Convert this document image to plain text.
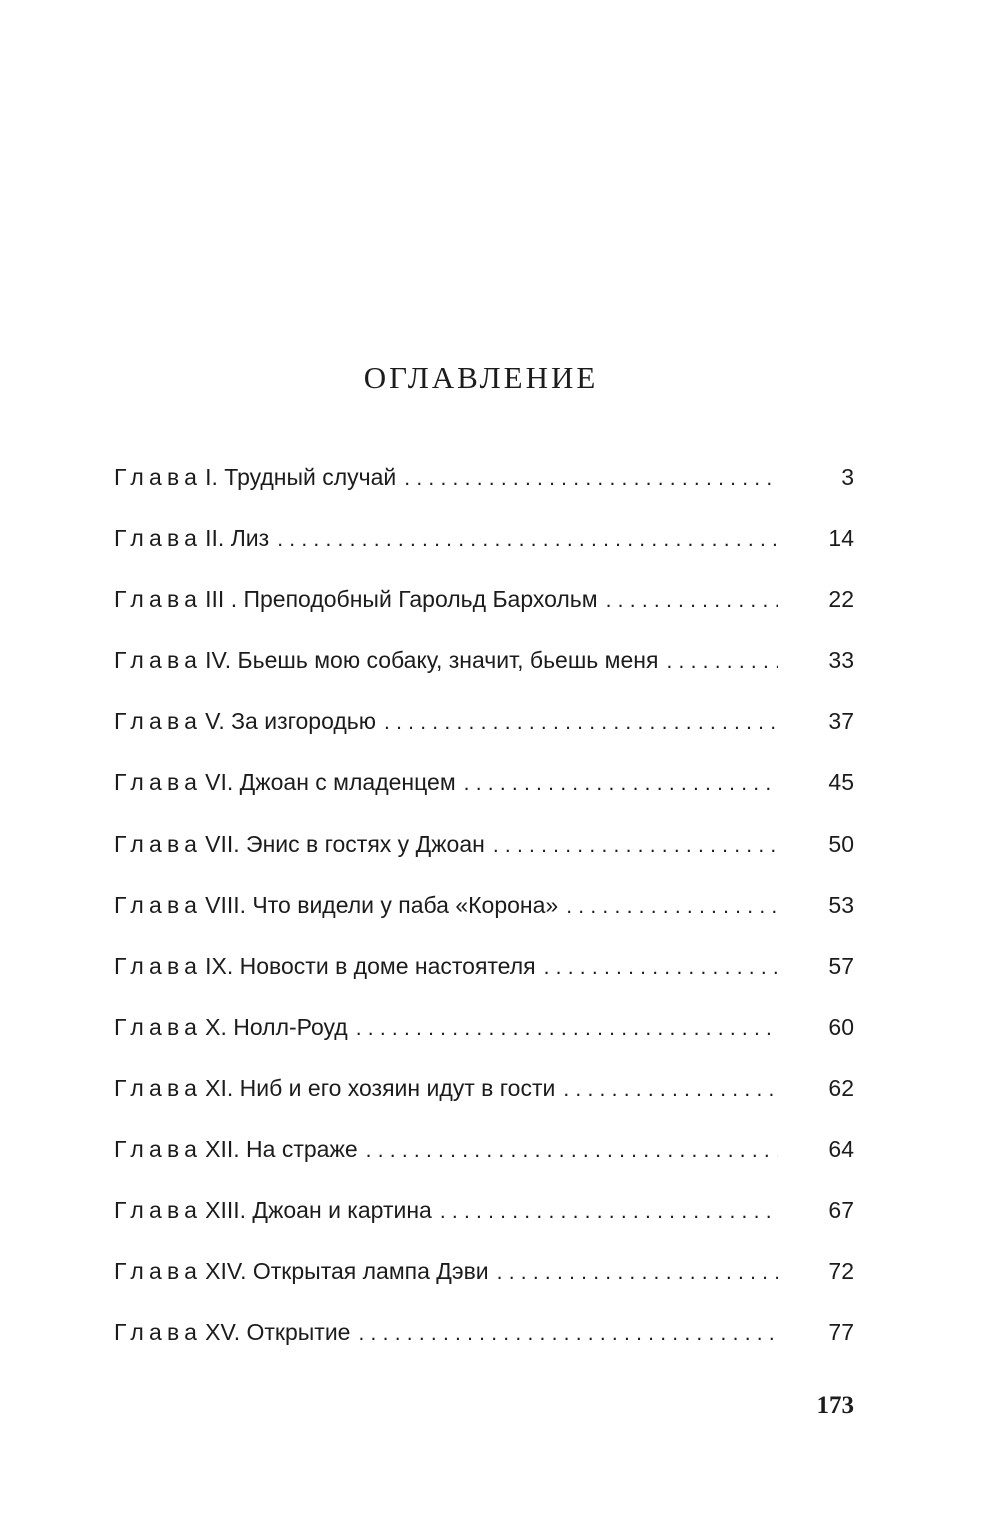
ОГЛАВЛЕНИЕ
Глава I. Трудный случай . . .	3
Глава II. Лиз . . .	14
Глава III . Преподобный Гарольд Бархольм . . .	22
Глава IV. Бьешь мою собаку, значит, бьешь меня . . .	33
Глава V. За изгородью . . .	37
Глава VI. Джоан с младенцем . . .	45
Глава VII. Энис в гостях у Джоан . . .	50
Глава VIII. Что видели у паба «Корона» . . .	53
Глава IX. Новости в доме настоятеля . . .	57
Глава X. Нолл-Роуд . . .	60
Глава XI. Ниб и его хозяин идут в гости . . .	62
Глава XII. На страже . . .	64
Глава XIII. Джоан и картина . . .	67
Глава XIV. Открытая лампа Дэви . . .	72
Глава XV. Открытие . . .	77
173
